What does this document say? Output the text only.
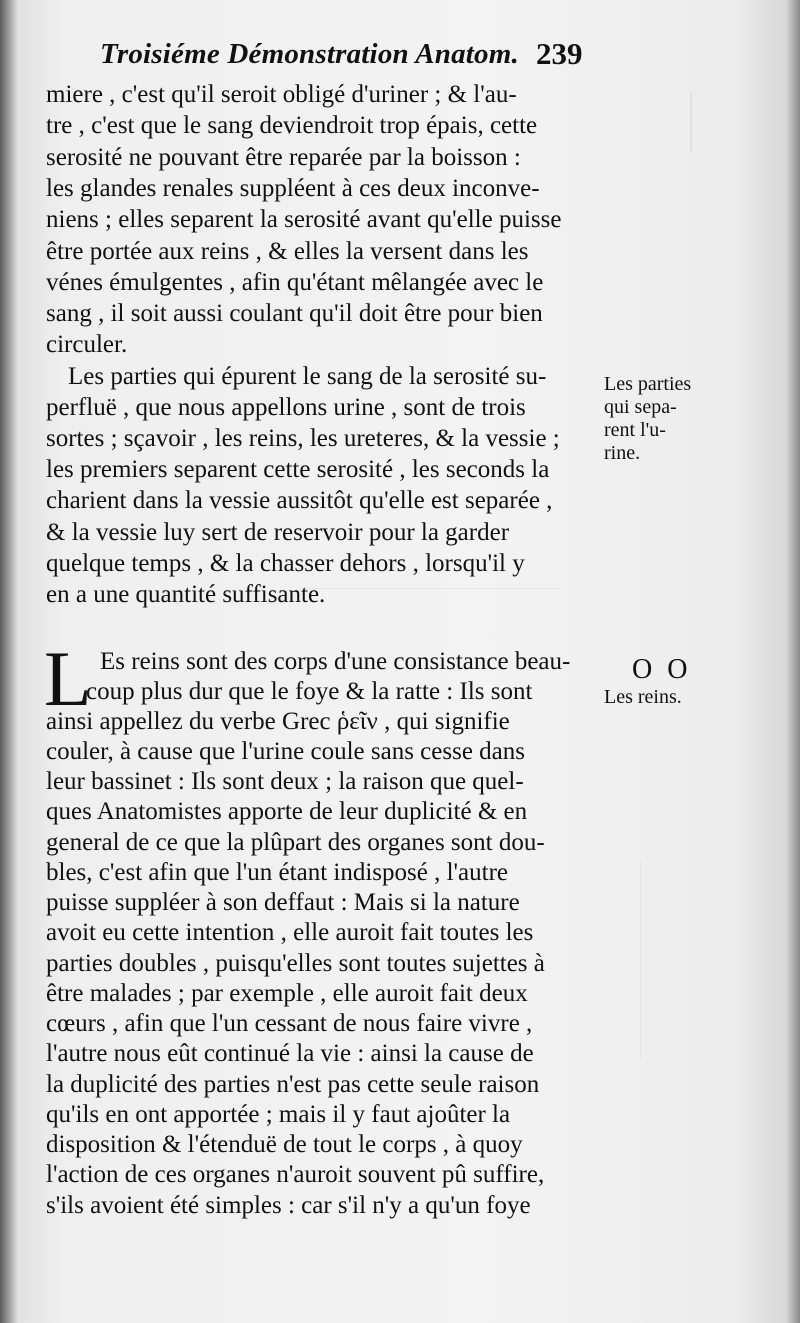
Troisiéme Démonstration Anatom. 239
miere , c'est qu'il seroit obligé d'uriner ; & l'au-
tre , c'est que le sang deviendroit trop épais, cette
serosité ne pouvant être reparée par la boisson :
les glandes renales suppléent à ces deux inconve-
niens ; elles separent la serosité avant qu'elle puisse
être portée aux reins , & elles la versent dans les
vénes émulgentes , afin qu'étant mêlangée avec le
sang , il soit aussi coulant qu'il doit être pour bien
circuler.
Les parties qui épurent le sang de la serosité su-
perfluë , que nous appellons urine , sont de trois
sortes ; sçavoir , les reins, les ureteres, & la vessie ;
les premiers separent cette serosité , les seconds la
charient dans la vessie aussitôt qu'elle est separée ,
& la vessie luy sert de reservoir pour la garder
quelque temps , & la chasser dehors , lorsqu'il y
en a une quantité suffisante.
L Es reins sont des corps d'une consistance beau-
coup plus dur que le foye & la ratte : Ils sont
ainsi appellez du verbe Grec ῥεῖν , qui signifie
couler, à cause que l'urine coule sans cesse dans
leur bassinet : Ils sont deux ; la raison que quel-
ques Anatomistes apporte de leur duplicité & en
general de ce que la plûpart des organes sont dou-
bles, c'est afin que l'un étant indisposé , l'autre
puisse suppléer à son deffaut : Mais si la nature
avoit eu cette intention , elle auroit fait toutes les
parties doubles , puisqu'elles sont toutes sujettes à
être malades ; par exemple , elle auroit fait deux
cœurs , afin que l'un cessant de nous faire vivre ,
l'autre nous eût continué la vie : ainsi la cause de
la duplicité des parties n'est pas cette seule raison
qu'ils en ont apportée ; mais il y faut ajoûter la
disposition & l'étenduë de tout le corps , à quoy
l'action de ces organes n'auroit souvent pû suffire,
s'ils avoient été simples : car s'il n'y a qu'un foye
Les parties
qui sepa-
rent l'u-
rine.
O O
Les reins.
